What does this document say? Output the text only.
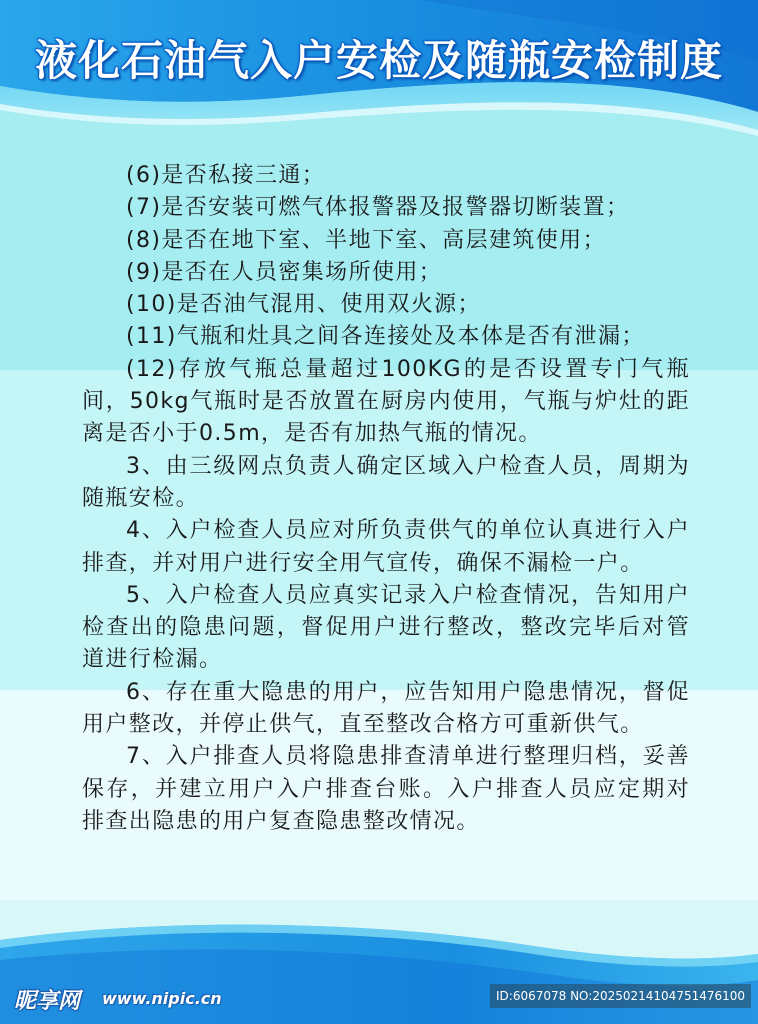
液化石油气入户安检及随瓶安检制度

(6)是否私接三通；

(7)是否安装可燃气体报警器及报警器切断装置；

(8)是否在地下室、半地下室、高层建筑使用；

(9)是否在人员密集场所使用；

(10)是否油气混用、使用双火源；

(11)气瓶和灶具之间各连接处及本体是否有泄漏；

(12)存放气瓶总量超过100KG的是否设置专门气瓶间，50kg气瓶时是否放置在厨房内使用，气瓶与炉灶的距离是否小于0.5m，是否有加热气瓶的情况。

3、由三级网点负责人确定区域入户检查人员，周期为随瓶安检。

4、入户检查人员应对所负责供气的单位认真进行入户排查，并对用户进行安全用气宣传，确保不漏检一户。

5、入户检查人员应真实记录入户检查情况，告知用户检查出的隐患问题，督促用户进行整改，整改完毕后对管道进行检漏。

6、存在重大隐患的用户，应告知用户隐患情况，督促用户整改，并停止供气，直至整改合格方可重新供气。

7、入户排查人员将隐患排查清单进行整理归档，妥善保存，并建立用户入户排查台账。入户排查人员应定期对排查出隐患的用户复查隐患整改情况。

昵享网 www.nipic.cn	ID:6067078 NO:20250214104751476100
